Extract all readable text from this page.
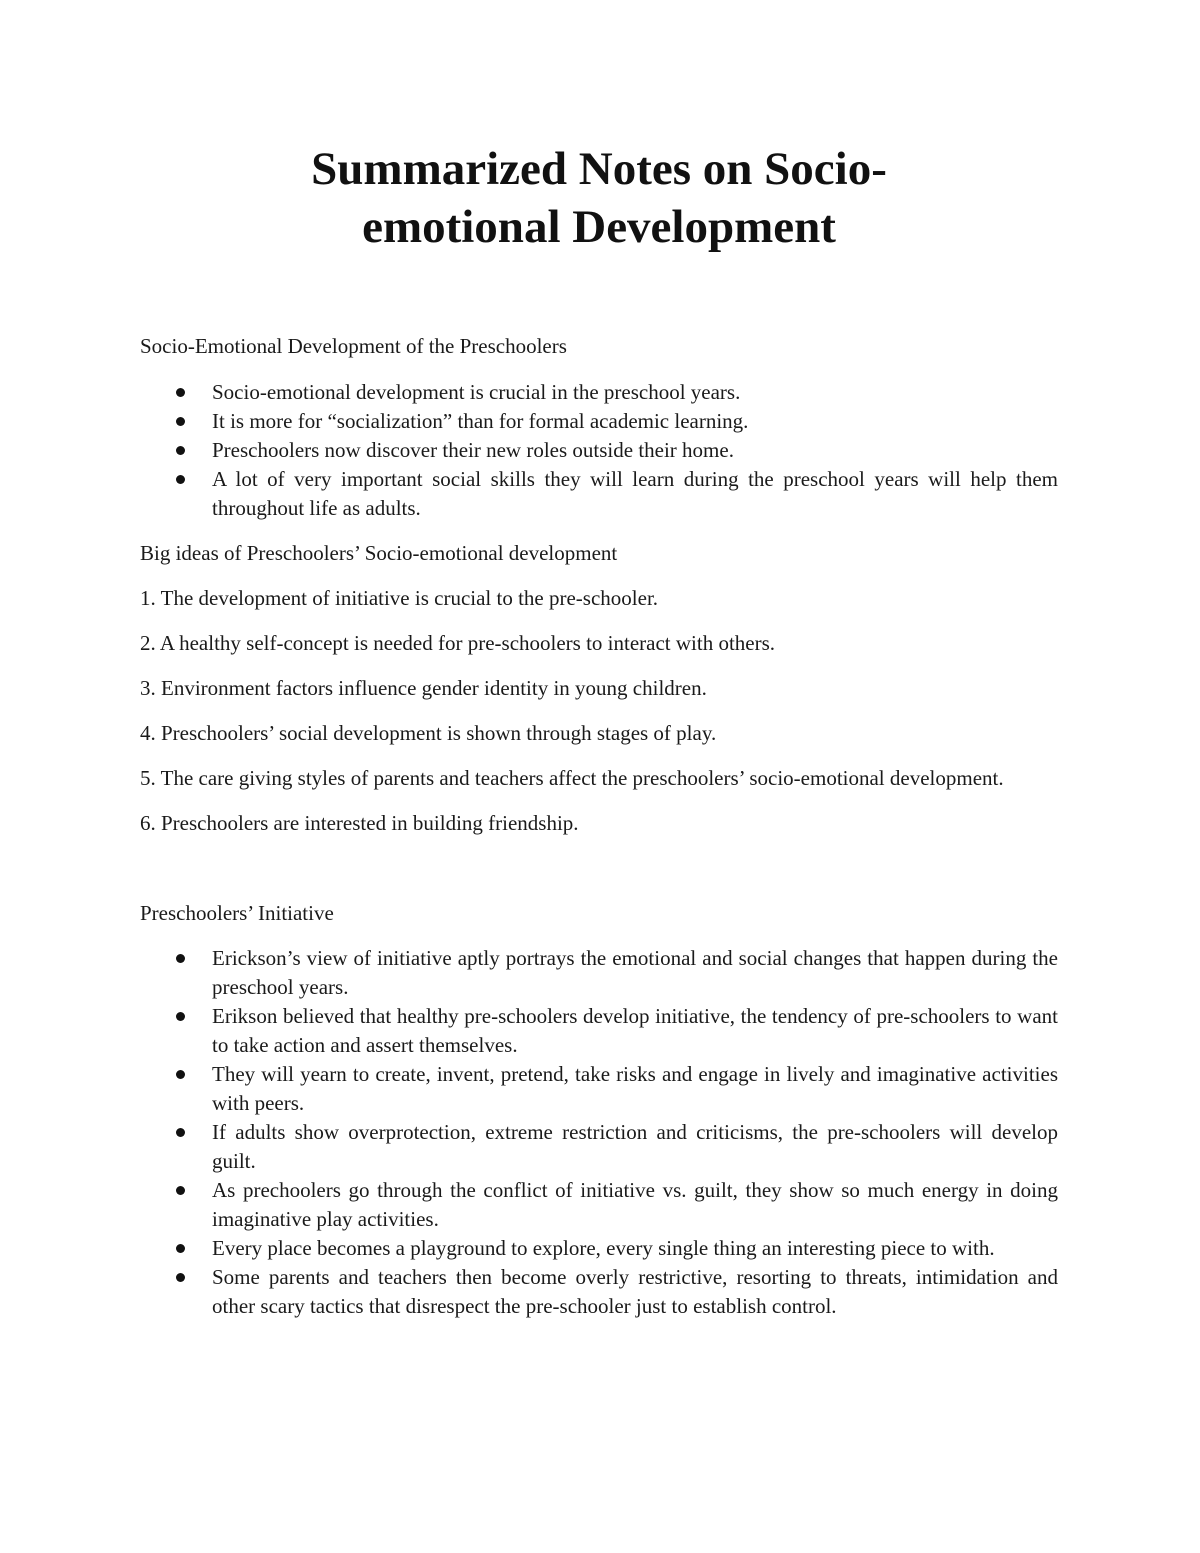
Summarized Notes on Socio-emotional Development

Socio-Emotional Development of the Preschoolers

Socio-emotional development is crucial in the preschool years.
It is more for “socialization” than for formal academic learning.
Preschoolers now discover their new roles outside their home.
A lot of very important social skills they will learn during the preschool years will help them throughout life as adults.

Big ideas of Preschoolers’ Socio-emotional development

1. The development of initiative is crucial to the pre-schooler.

2. A healthy self-concept is needed for pre-schoolers to interact with others.

3. Environment factors influence gender identity in young children.

4. Preschoolers’ social development is shown through stages of play.

5. The care giving styles of parents and teachers affect the preschoolers’ socio-emotional development.

6. Preschoolers are interested in building friendship.

Preschoolers’ Initiative

Erickson’s view of initiative aptly portrays the emotional and social changes that happen during the preschool years.
Erikson believed that healthy pre-schoolers develop initiative, the tendency of pre-schoolers to want to take action and assert themselves.
They will yearn to create, invent, pretend, take risks and engage in lively and imaginative activities with peers.
If adults show overprotection, extreme restriction and criticisms, the pre-schoolers will develop guilt.
As prechoolers go through the conflict of initiative vs. guilt, they show so much energy in doing imaginative play activities.
Every place becomes a playground to explore, every single thing an interesting piece to with.
Some parents and teachers then become overly restrictive, resorting to threats, intimidation and other scary tactics that disrespect the pre-schooler just to establish control.
